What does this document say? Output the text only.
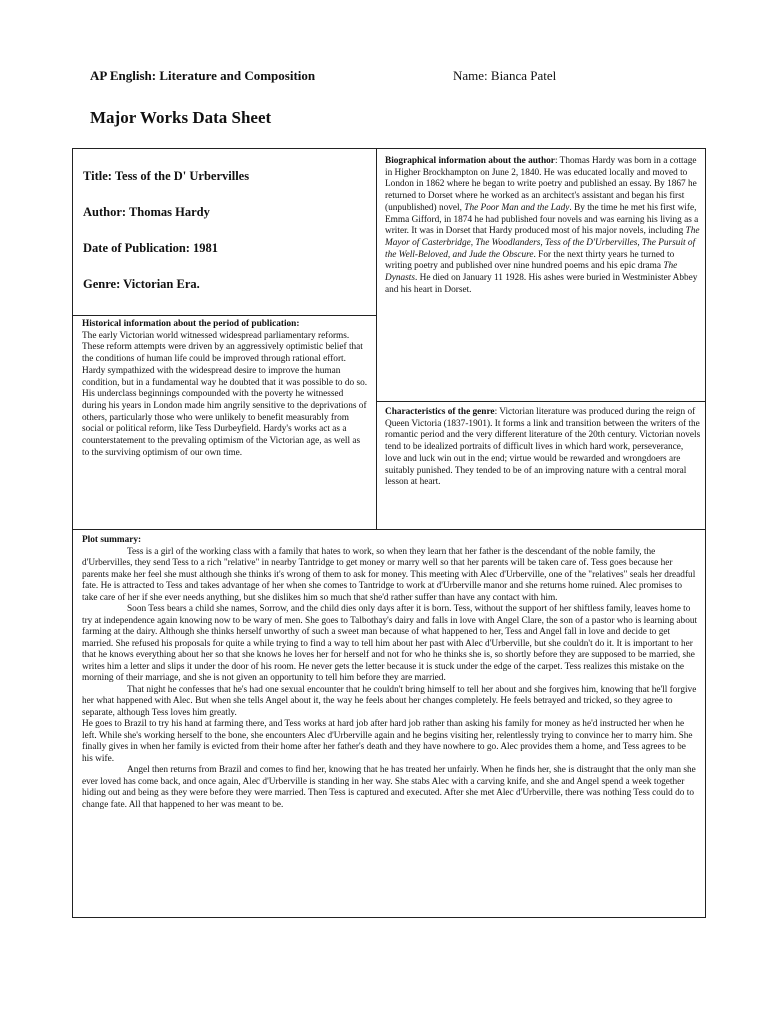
AP English: Literature and Composition	Name: Bianca Patel
Major Works Data Sheet

Title: Tess of the D' Urbervilles

Author: Thomas Hardy

Date of Publication: 1981

Genre: Victorian Era.

Historical information about the period of publication:
The early Victorian world witnessed widespread parliamentary reforms. These reform attempts were driven by an aggressively optimistic belief that the conditions of human life could be improved through rational effort. Hardy sympathized with the widespread desire to improve the human condition, but in a fundamental way he doubted that it was possible to do so. His underclass beginnings compounded with the poverty he witnessed during his years in London made him angrily sensitive to the deprivations of others, particularly those who were unlikely to benefit measurably from social or political reform, like Tess Durbeyfield. Hardy's works act as a counterstatement to the prevaling optimism of the Victorian age, as well as to the surviving optimism of our own time.
Biographical information about the author: Thomas Hardy was born in a cottage in Higher Brockhampton on June 2, 1840. He was educated locally and moved to London in 1862 where he began to write poetry and published an essay. By 1867 he returned to Dorset where he worked as an architect's assistant and began his first (unpublished) novel, The Poor Man and the Lady. By the time he met his first wife, Emma Gifford, in 1874 he had published four novels and was earning his living as a writer. It was in Dorset that Hardy produced most of his major novels, including The Mayor of Casterbridge, The Woodlanders, Tess of the D'Urbervilles, The Pursuit of the Well-Beloved, and Jude the Obscure. For the next thirty years he turned to writing poetry and published over nine hundred poems and his epic drama The Dynasts. He died on January 11 1928. His ashes were buried in Westminister Abbey and his heart in Dorset.
Characteristics of the genre: Victorian literature was produced during the reign of Queen Victoria (1837-1901). It forms a link and transition between the writers of the romantic period and the very different literature of the 20th century. Victorian novels tend to be idealized portraits of difficult lives in which hard work, perseverance, love and luck win out in the end; virtue would be rewarded and wrongdoers are suitably punished. They tended to be of an improving nature with a central moral lesson at heart.

Plot summary:

Tess is a girl of the working class with a family that hates to work, so when they learn that her father is the descendant of the noble family, the d'Urbervilles, they send Tess to a rich "relative" in nearby Tantridge to get money or marry well so that her parents will be taken care of. Tess goes because her parents make her feel she must although she thinks it's wrong of them to ask for money. This meeting with Alec d'Urberville, one of the "relatives" seals her dreadful fate. He is attracted to Tess and takes advantage of her when she comes to Tantridge to work at d'Urberville manor and she returns home ruined. Alec promises to take care of her if she ever needs anything, but she dislikes him so much that she'd rather suffer than have any contact with him.

Soon Tess bears a child she names, Sorrow, and the child dies only days after it is born. Tess, without the support of her shiftless family, leaves home to try at independence again knowing now to be wary of men. She goes to Talbothay's dairy and falls in love with Angel Clare, the son of a pastor who is learning about farming at the dairy. Although she thinks herself unworthy of such a sweet man because of what happened to her, Tess and Angel fall in love and decide to get married. She refused his proposals for quite a while trying to find a way to tell him about her past with Alec d'Urberville, but she couldn't do it. It is important to her that he knows everything about her so that she knows he loves her for herself and not for who he thinks she is, so shortly before they are supposed to be married, she writes him a letter and slips it under the door of his room. He never gets the letter because it is stuck under the edge of the carpet. Tess realizes this mistake on the morning of their marriage, and she is not given an opportunity to tell him before they are married.

That night he confesses that he's had one sexual encounter that he couldn't bring himself to tell her about and she forgives him, knowing that he'll forgive her what happened with Alec. But when she tells Angel about it, the way he feels about her changes completely. He feels betrayed and tricked, so they agree to separate, although Tess loves him greatly.

He goes to Brazil to try his hand at farming there, and Tess works at hard job after hard job rather than asking his family for money as he'd instructed her when he left. While she's working herself to the bone, she encounters Alec d'Urberville again and he begins visiting her, relentlessly trying to convince her to marry him. She finally gives in when her family is evicted from their home after her father's death and they have nowhere to go. Alec provides them a home, and Tess agrees to be his wife.

Angel then returns from Brazil and comes to find her, knowing that he has treated her unfairly. When he finds her, she is distraught that the only man she ever loved has come back, and once again, Alec d'Urberville is standing in her way. She stabs Alec with a carving knife, and she and Angel spend a week together hiding out and being as they were before they were married. Then Tess is captured and executed. After she met Alec d'Urberville, there was nothing Tess could do to change fate. All that happened to her was meant to be.
